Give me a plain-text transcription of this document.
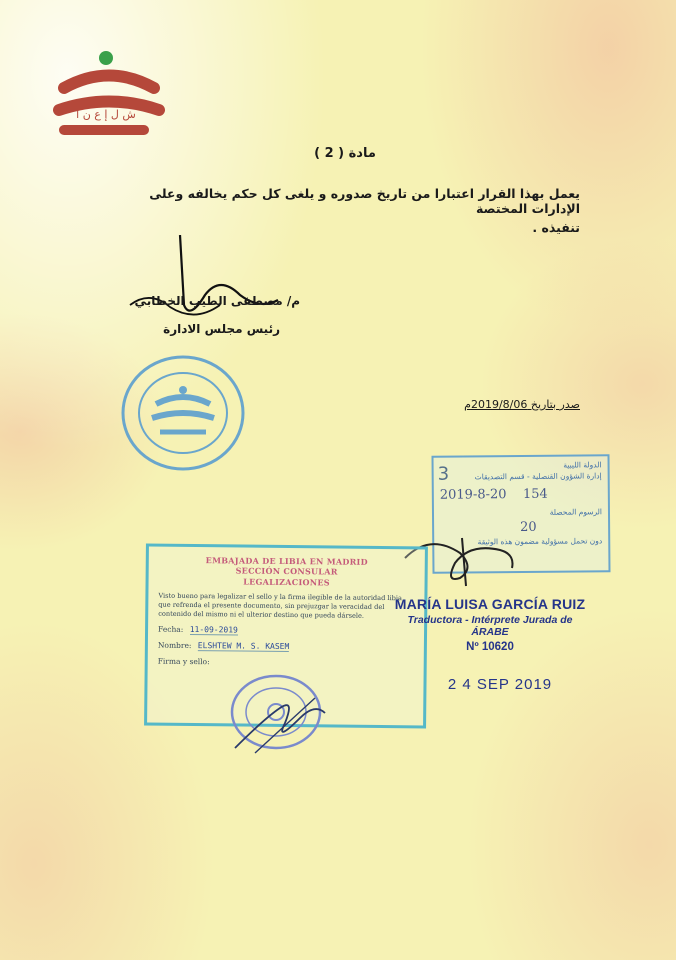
ش ل إ ع ن ا
مادة ( 2 )
يعمل بهذا القرار اعتبارا من تاريخ صدوره و يلغى كل حكم يخالفه وعلى الإدارات المختصة
تنفيذه .
م/ مصطفى الطيب الخطابي
رئيس مجلس الادارة
صدر بتاريخ 2019/8/06م
3	الدولة الليبية
إدارة الشؤون القنصلية - قسم التصديقات
2019-8-20 154
الرسوم المحصلة
20
دون تحمل مسؤولية مضمون هذه الوثيقة
EMBAJADA DE LIBIA EN MADRID
SECCIÓN CONSULAR
LEGALIZACIONES
Visto bueno para legalizar el sello y la firma ilegible de la autoridad libia que refrenda el presente documento, sin prejuzgar la veracidad del contenido del mismo ni el ulterior destino que pueda dársele.
Fecha: 11-09-2019
Nombre: ELSHTEW M. S. KASEM
Firma y sello:
MARÍA LUISA GARCÍA RUIZ
Traductora - Intérprete Jurada de ÁRABE
Nº 10620
2 4 SEP 2019
